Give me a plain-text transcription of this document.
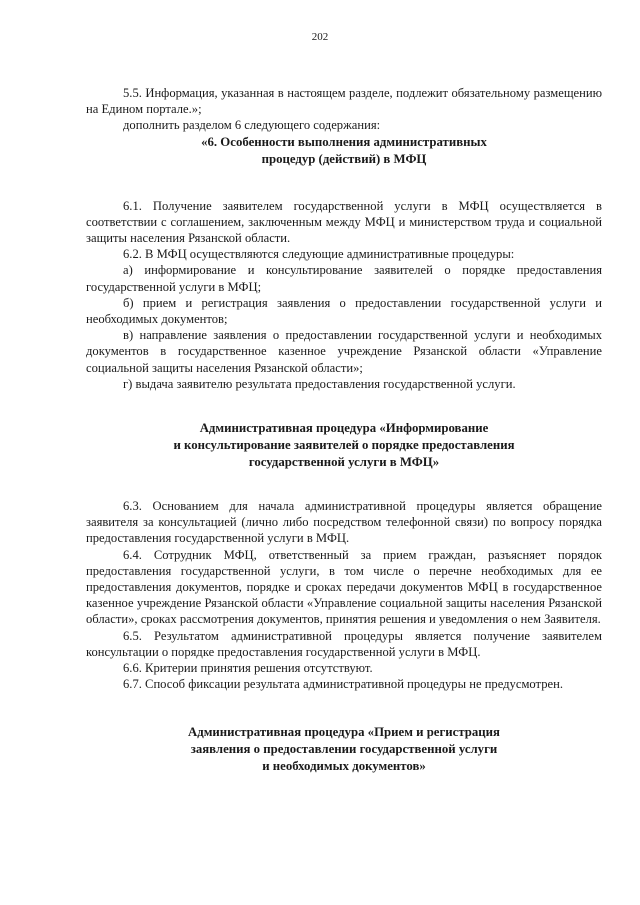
202

5.5. Информация, указанная в настоящем разделе, подлежит обязательному размещению на Едином портале.»;

дополнить разделом 6 следующего содержания:

«6. Особенности выполнения административных
процедур (действий) в МФЦ

6.1. Получение заявителем государственной услуги в МФЦ осуществляется в соответствии с соглашением, заключенным между МФЦ и министерством труда и социальной защиты населения Рязанской области.

6.2. В МФЦ осуществляются следующие административные процедуры:

а) информирование и консультирование заявителей о порядке предоставления государственной услуги в МФЦ;

б) прием и регистрация заявления о предоставлении государственной услуги и необходимых документов;

в) направление заявления о предоставлении государственной услуги и необходимых документов в государственное казенное учреждение Рязанской области «Управление социальной защиты населения Рязанской области»;

г) выдача заявителю результата предоставления государственной услуги.

Административная процедура «Информирование
и консультирование заявителей о порядке предоставления
государственной услуги в МФЦ»

6.3. Основанием для начала административной процедуры является обращение заявителя за консультацией (лично либо посредством телефонной связи) по вопросу порядка предоставления государственной услуги в МФЦ.

6.4. Сотрудник МФЦ, ответственный за прием граждан, разъясняет порядок предоставления государственной услуги, в том числе о перечне необходимых для ее предоставления документов, порядке и сроках передачи документов МФЦ в государственное казенное учреждение Рязанской области «Управление социальной защиты населения Рязанской области», сроках рассмотрения документов, принятия решения и уведомления о нем Заявителя.

6.5. Результатом административной процедуры является получение заявителем консультации о порядке предоставления государственной услуги в МФЦ.

6.6. Критерии принятия решения отсутствуют.

6.7. Способ фиксации результата административной процедуры не предусмотрен.

Административная процедура «Прием и регистрация
заявления о предоставлении государственной услуги
и необходимых документов»
